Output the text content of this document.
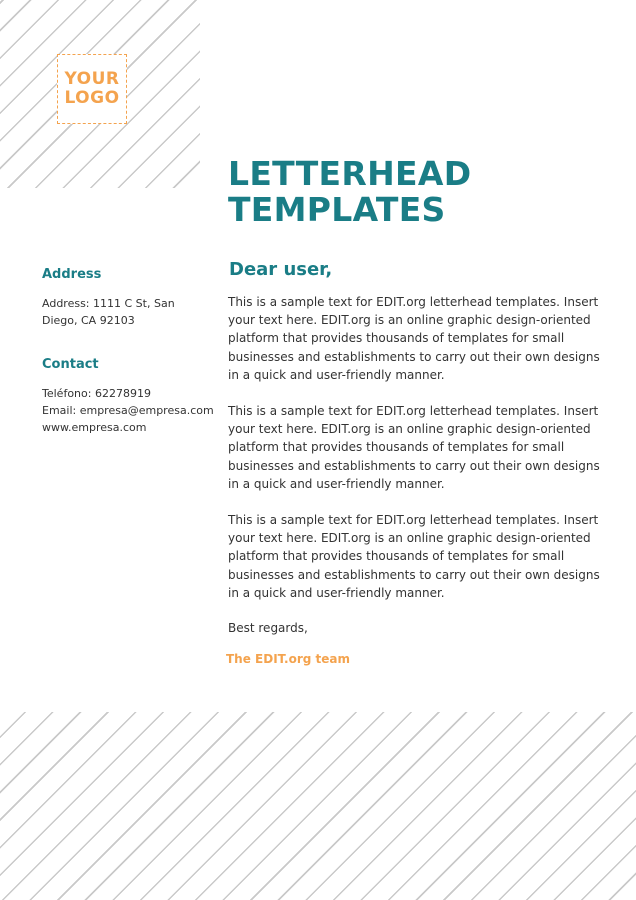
YOUR
LOGO
LETTERHEAD
TEMPLATES
Address
Address: 1111 C St, San
Diego, CA 92103
Contact
Teléfono: 62278919
Email: empresa@empresa.com
www.empresa.com
Dear user,

This is a sample text for EDIT.org letterhead templates. Insert your text here. EDIT.org is an online graphic design-oriented platform that provides thousands of templates for small businesses and establishments to carry out their own designs in a quick and user-friendly manner.

This is a sample text for EDIT.org letterhead templates. Insert your text here. EDIT.org is an online graphic design-oriented platform that provides thousands of templates for small businesses and establishments to carry out their own designs in a quick and user-friendly manner.

This is a sample text for EDIT.org letterhead templates. Insert your text here. EDIT.org is an online graphic design-oriented platform that provides thousands of templates for small businesses and establishments to carry out their own designs in a quick and user-friendly manner.

Best regards,
The EDIT.org team
